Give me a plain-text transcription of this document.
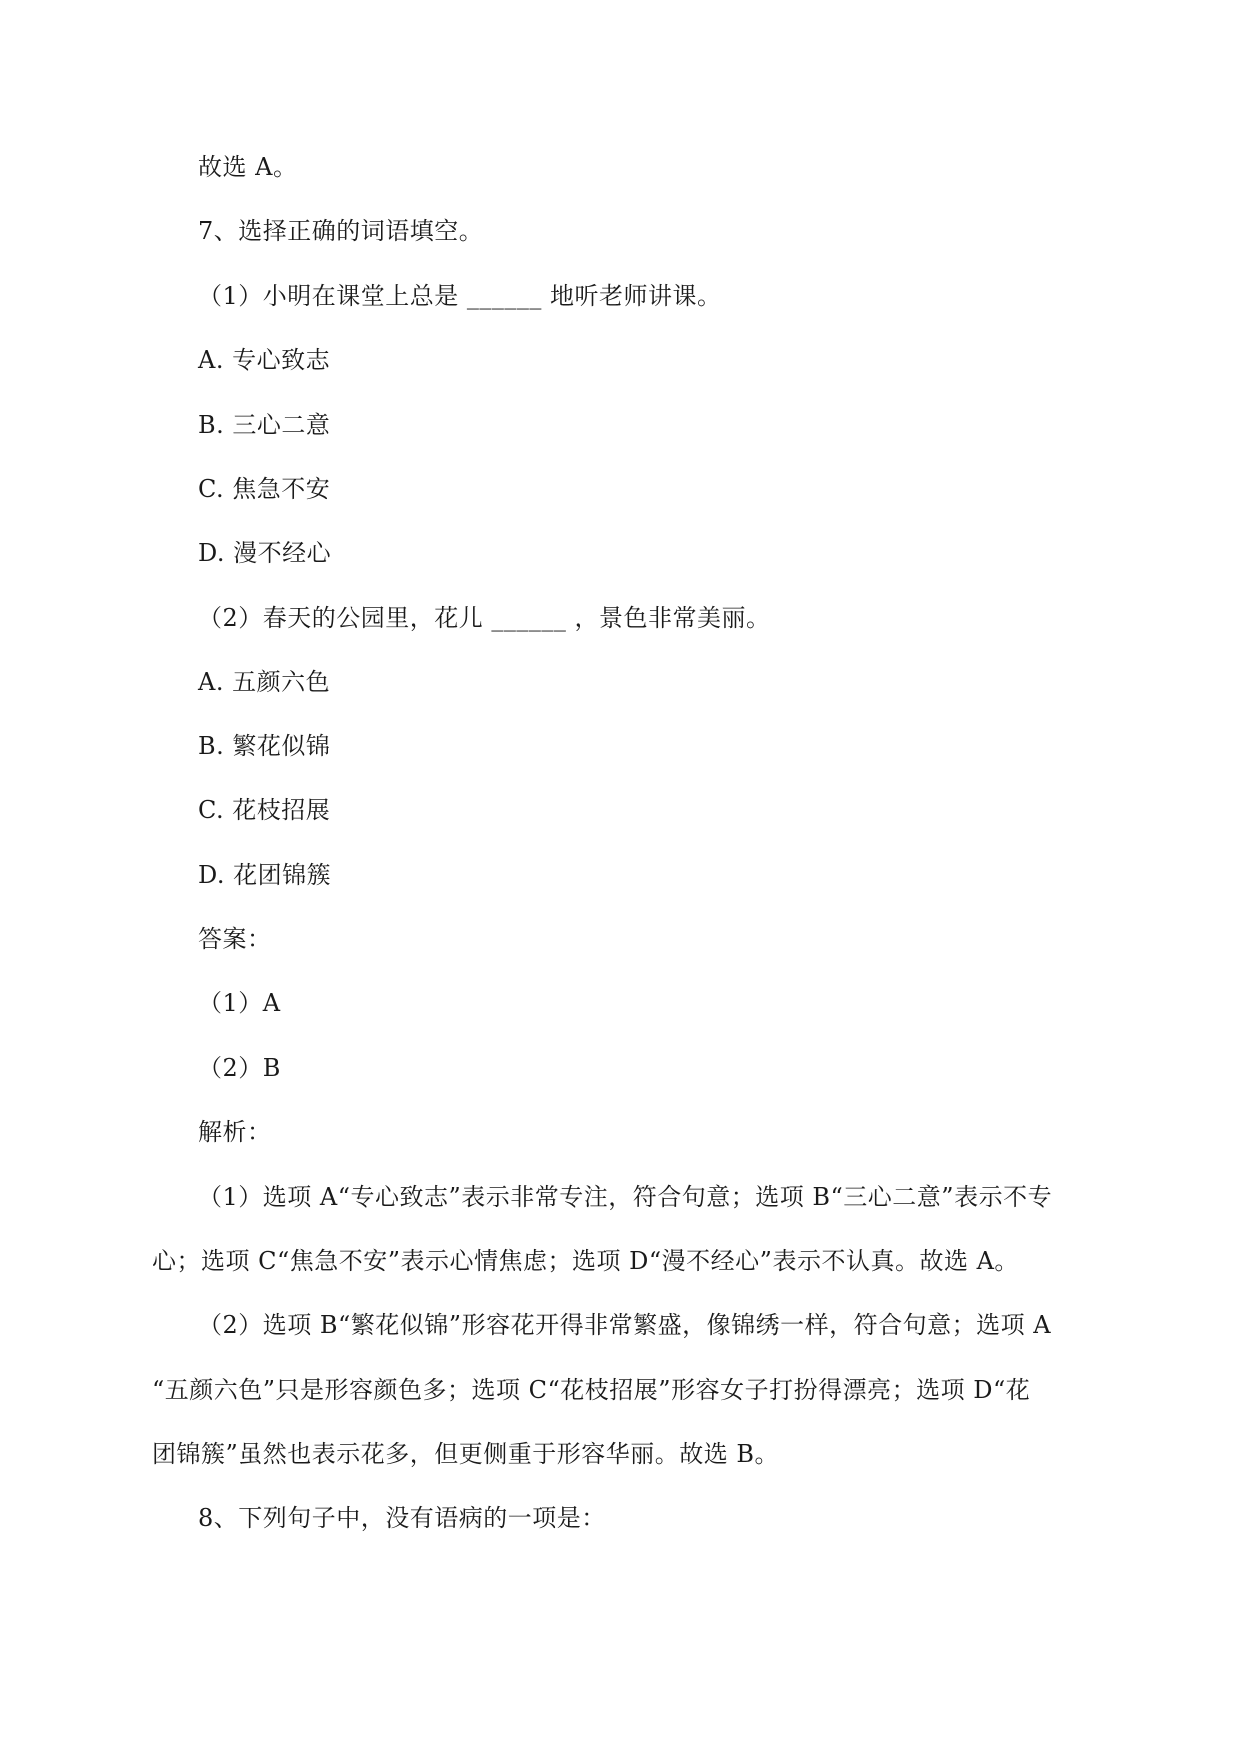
故选 A。
7、选择正确的词语填空。
（1）小明在课堂上总是 ______ 地听老师讲课。
A. 专心致志
B. 三心二意
C. 焦急不安
D. 漫不经心
（2）春天的公园里，花儿 ______ ，景色非常美丽。
A. 五颜六色
B. 繁花似锦
C. 花枝招展
D. 花团锦簇
答案：
（1）A
（2）B
解析：
（1）选项 A“专心致志”表示非常专注，符合句意；选项 B“三心二意”表示不专
心；选项 C“焦急不安”表示心情焦虑；选项 D“漫不经心”表示不认真。故选 A。
（2）选项 B“繁花似锦”形容花开得非常繁盛，像锦绣一样，符合句意；选项 A
“五颜六色”只是形容颜色多；选项 C“花枝招展”形容女子打扮得漂亮；选项 D“花
团锦簇”虽然也表示花多，但更侧重于形容华丽。故选 B。
8、下列句子中，没有语病的一项是：
